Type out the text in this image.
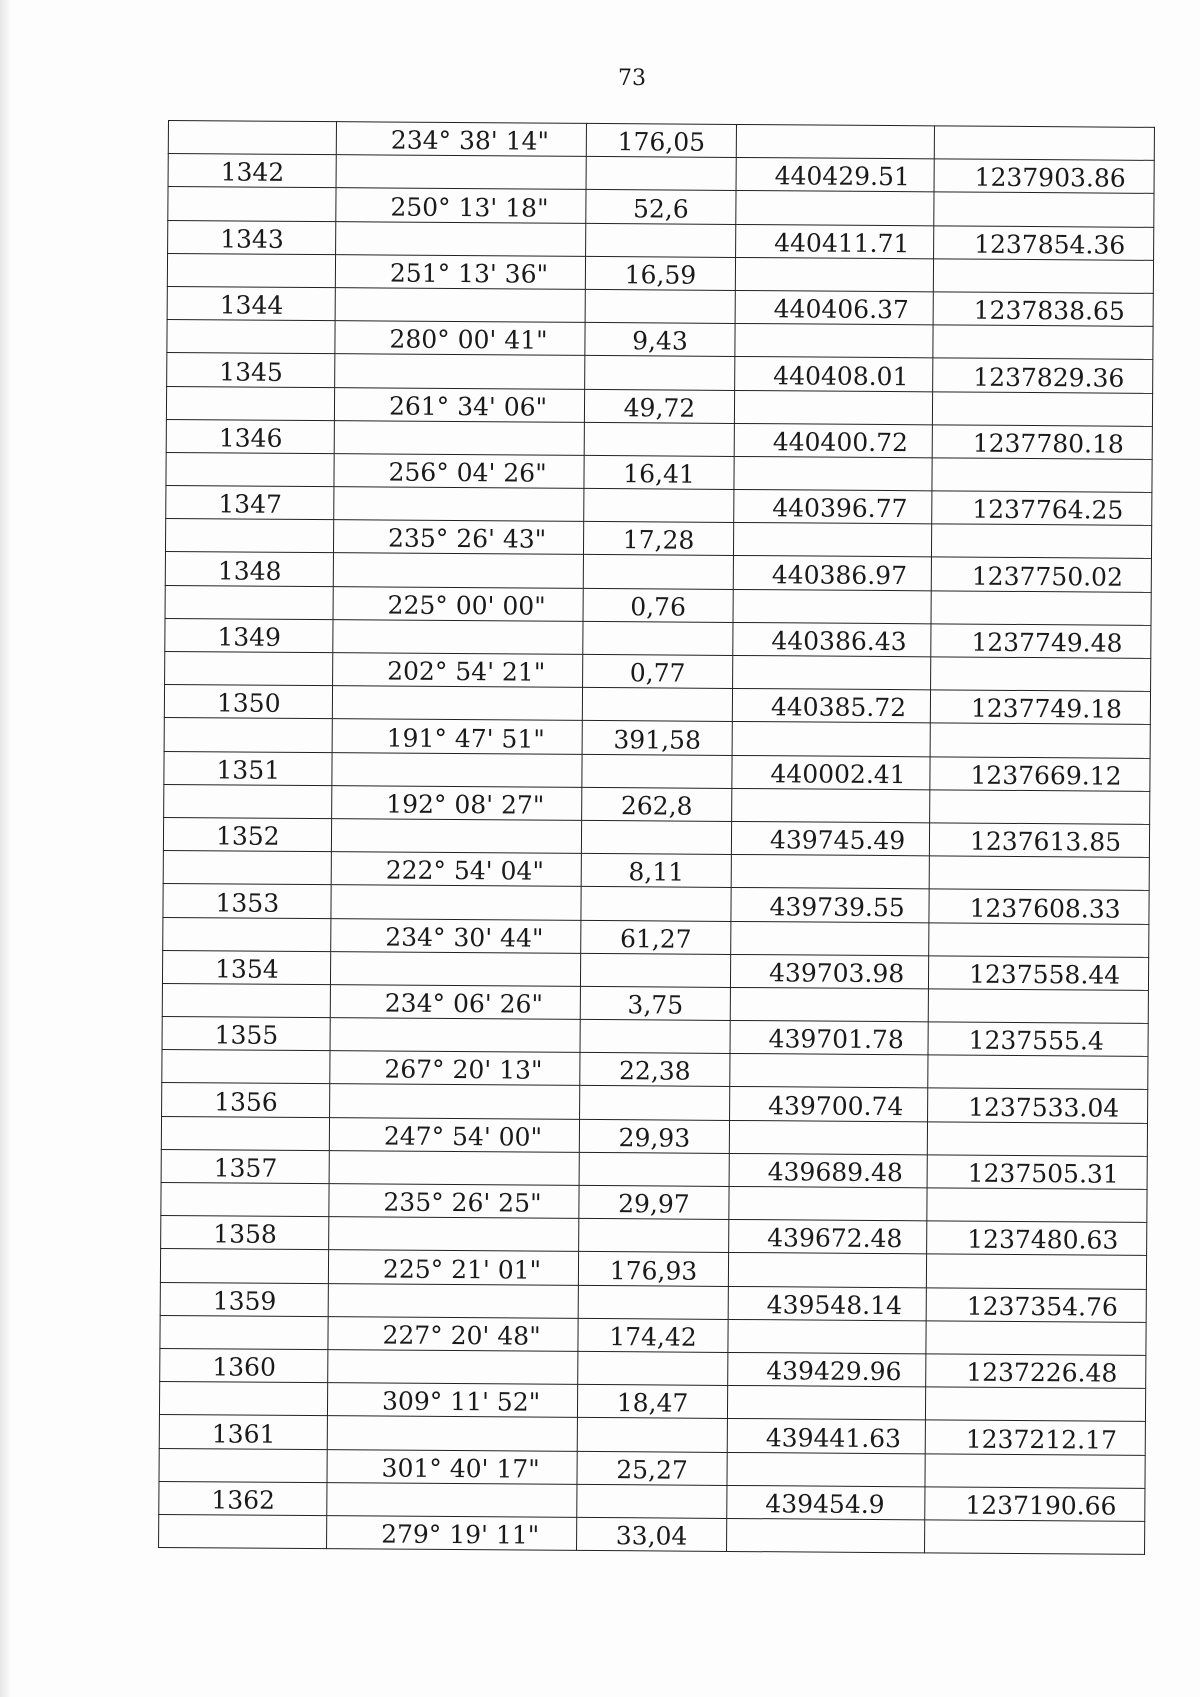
73
	234° 38' 14"	176,05		
1342			440429.51	1237903.86
	250° 13' 18"	52,6		
1343			440411.71	1237854.36
	251° 13' 36"	16,59		
1344			440406.37	1237838.65
	280° 00' 41"	9,43		
1345			440408.01	1237829.36
	261° 34' 06"	49,72		
1346			440400.72	1237780.18
	256° 04' 26"	16,41		
1347			440396.77	1237764.25
	235° 26' 43"	17,28		
1348			440386.97	1237750.02
	225° 00' 00"	0,76		
1349			440386.43	1237749.48
	202° 54' 21"	0,77		
1350			440385.72	1237749.18
	191° 47' 51"	391,58		
1351			440002.41	1237669.12
	192° 08' 27"	262,8		
1352			439745.49	1237613.85
	222° 54' 04"	8,11		
1353			439739.55	1237608.33
	234° 30' 44"	61,27		
1354			439703.98	1237558.44
	234° 06' 26"	3,75		
1355			439701.78	1237555.4
	267° 20' 13"	22,38		
1356			439700.74	1237533.04
	247° 54' 00"	29,93		
1357			439689.48	1237505.31
	235° 26' 25"	29,97		
1358			439672.48	1237480.63
	225° 21' 01"	176,93		
1359			439548.14	1237354.76
	227° 20' 48"	174,42		
1360			439429.96	1237226.48
	309° 11' 52"	18,47		
1361			439441.63	1237212.17
	301° 40' 17"	25,27		
1362			439454.9	1237190.66
	279° 19' 11"	33,04		
